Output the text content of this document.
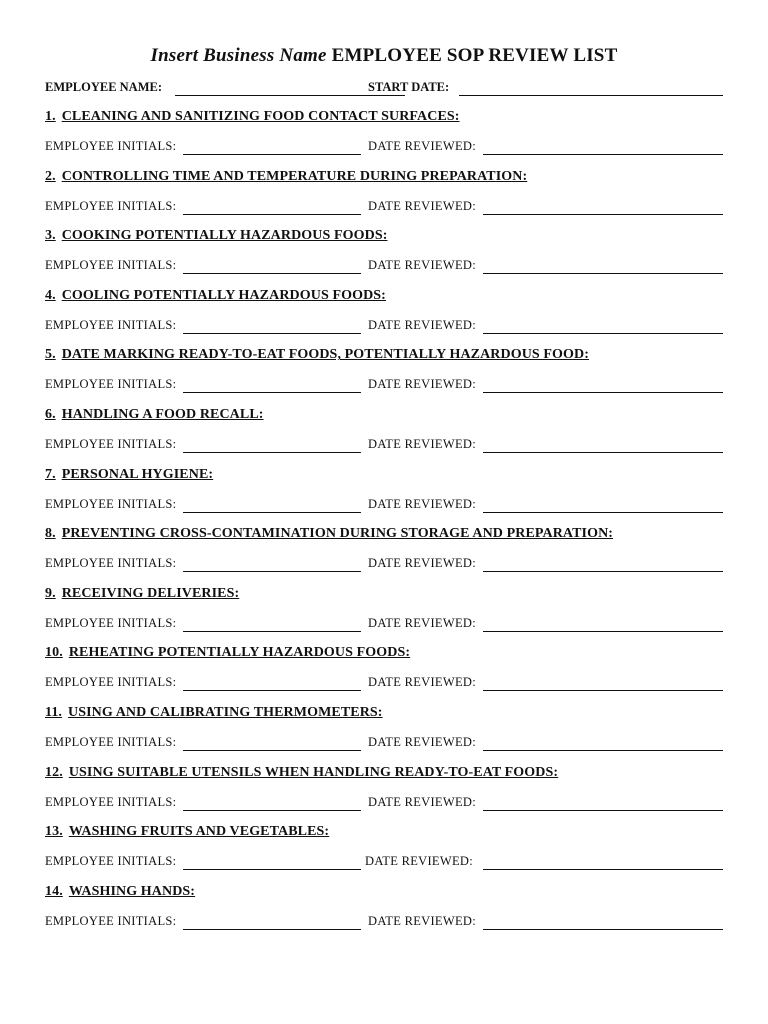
Insert Business Name EMPLOYEE SOP REVIEW LIST
EMPLOYEE NAME:	START DATE:
1. CLEANING AND SANITIZING FOOD CONTACT SURFACES:
EMPLOYEE INITIALS:	DATE REVIEWED:
2. CONTROLLING TIME AND TEMPERATURE DURING PREPARATION:
EMPLOYEE INITIALS:	DATE REVIEWED:
3. COOKING POTENTIALLY HAZARDOUS FOODS:
EMPLOYEE INITIALS:	DATE REVIEWED:
4. COOLING POTENTIALLY HAZARDOUS FOODS:
EMPLOYEE INITIALS:	DATE REVIEWED:
5. DATE MARKING READY-TO-EAT FOODS, POTENTIALLY HAZARDOUS FOOD:
EMPLOYEE INITIALS:	DATE REVIEWED:
6. HANDLING A FOOD RECALL:
EMPLOYEE INITIALS:	DATE REVIEWED:
7. PERSONAL HYGIENE:
EMPLOYEE INITIALS:	DATE REVIEWED:
8. PREVENTING CROSS-CONTAMINATION DURING STORAGE AND PREPARATION:
EMPLOYEE INITIALS:	DATE REVIEWED:
9. RECEIVING DELIVERIES:
EMPLOYEE INITIALS:	DATE REVIEWED:
10. REHEATING POTENTIALLY HAZARDOUS FOODS:
EMPLOYEE INITIALS:	DATE REVIEWED:
11. USING AND CALIBRATING THERMOMETERS:
EMPLOYEE INITIALS:	DATE REVIEWED:
12. USING SUITABLE UTENSILS WHEN HANDLING READY-TO-EAT FOODS:
EMPLOYEE INITIALS:	DATE REVIEWED:
13. WASHING FRUITS AND VEGETABLES:
EMPLOYEE INITIALS:	DATE REVIEWED:
14. WASHING HANDS:
EMPLOYEE INITIALS:	DATE REVIEWED:
